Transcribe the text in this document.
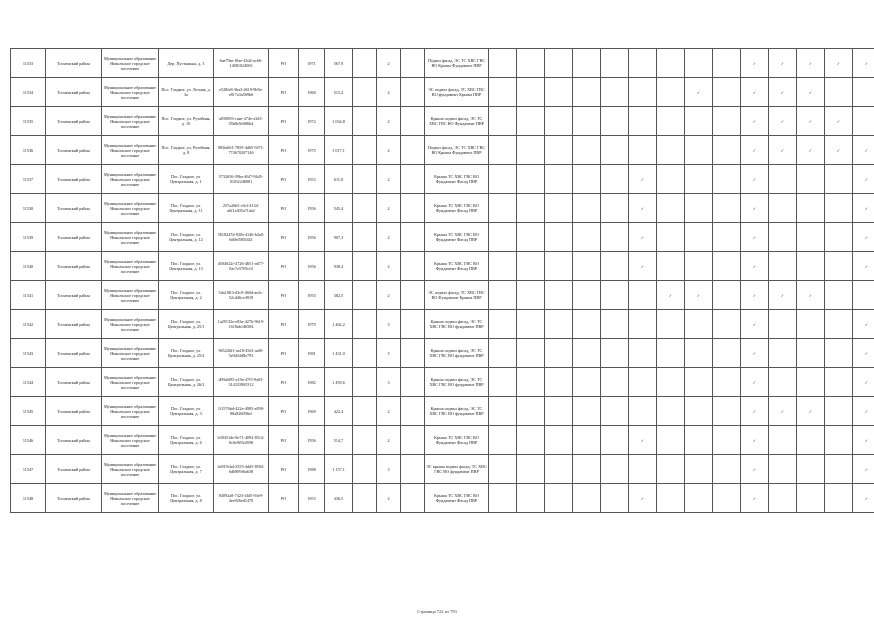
11533	Тосненский район	Муниципальное образование Никольское городское поселение	Дер. Пустынька, д. 3	6aa79ae-f9ae-43d2-ac66-14081024063	РО	1971	567,9		2		Подвал фасад, ЭС ТС ХВС ГВС ВО Крыша Фундамент ПВР										✓	✓	✓	✓	✓
11534	Тосненский район	Муниципальное образование Никольское городское поселение	Пос. Гладкое, ул. Лесная, д. 3а	e528fe8-3ba3-4619-9b9e-e817a3a569b6	РО	1960	515,2		2		ЭС подвал фасад, ТС ХВС ГВС ВО фундамент Крыша ПВР								✓		✓	✓	✓		
11535	Тосненский район	Муниципальное образование Никольское городское поселение	Пос. Гладкое, ул. Ручейная, д. 10	a050893-caae-474e-a3d3-05b8e9e686b4	РО	1972	1 034,8		2		Крыша подвал фасад, ЭС ТС ХВС ГВС ВО Фундамент ПВР										✓	✓	✓	✓	
11536	Тосненский район	Муниципальное образование Никольское городское поселение	Пос. Гладкое, ул. Ручейная, д. 8	983fa661-7859-4d65-9271-774670207146	РО	1975	1 017,1		2		Подвал фасад, ЭС ТС ХВС ГВС ВО Крыша Фундамент ПВР										✓	✓	✓	✓	✓
11537	Тосненский район	Муниципальное образование Никольское городское поселение	Пос. Гладкое, ул. Центральная, д. 1	5732656-59ba-46f7-94d5-01f02248081	РО	1953	611,8		2		Крыша ТС ХВС ГВС ВО Фундамент Фасад ПВР						✓				✓				✓
11538	Тосненский район	Муниципальное образование Никольское городское поселение	Пос. Гладкое, ул. Центральная, д. 11	257a26b5-c0cf-4134-a6f1a305a71ab2	РО	1956	545,4		2		Крыша ТС ХВС ГВС ВО Фундамент Фасад ПВР						✓				✓				✓
11539	Тосненский район	Муниципальное образование Никольское городское поселение	Пос. Гладкое, ул. Центральная, д. 12	5618247d-92fb-4146-b4a0-6d0ef585f441	РО	1956	907,3		2		Крыша ТС ХВС ГВС ВО Фундамент Фасад ПВР						✓				✓				✓
11540	Тосненский район	Муниципальное образование Никольское городское поселение	Пос. Гладкое, ул. Центральная, д. 13	d504022f-4726-4651-a677-0ac7e5705cf4	РО	1956	938,4		2		Крыша ТС ХВС ГВС ВО Фундамент Фасад ПВР						✓				✓				✓
11541	Тосненский район	Муниципальное образование Никольское городское поселение	Пос. Гладкое, ул. Центральная, д. 2	5da1f8f3-d3c9-460d-ae2c-52cd46ce4918	РО	1953	382,5		2		ЭС подвал фасад, ТС ХВС ГВС ВО Фундамент Крыша ПВР							✓	✓		✓	✓	✓		
11542	Тосненский район	Муниципальное образование Никольское городское поселение	Пос. Гладкое, ул. Центральная, д. 25/1	1a29132e-e83a-427b-9b19-1618ab1d6584	РО	1979	1 462,2		3		Крыша подвал фасад, ЭС ТС ХВС ГВС ВО фундамент ПВР										✓				✓
11543	Тосненский район	Муниципальное образование Никольское городское поселение	Пос. Гладкое, ул. Центральная, д. 25/2	965226f1-aa18-45d1-aa8f-5e0d34d8e793	РО	1981	1 431,0		3		Крыша подвал фасад, ЭС ТС ХВС ГВС ВО фундамент ПВР										✓				✓
11544	Тосненский район	Муниципальное образование Никольское городское поселение	Пос. Гладкое, ул. Центральная, д. 26/2	d09a6f93-a19a-47f5-9a03-314333965312	РО	1982	1 459,6		3		Крыша подвал фасад, ЭС ТС ХВС ГВС ВО фундамент ПВР										✓				✓
11545	Тосненский район	Муниципальное образование Никольское городское поселение	Пос. Гладкое, ул. Центральная, д. 3	1f1576bd-422e-4985-a958-88a826096ef	РО	1969	422,4		2		Крыша подвал фасад, ЭС ТС ХВС ГВС ВО фундамент ПВР										✓	✓	✓		✓
11546	Тосненский район	Муниципальное образование Никольское городское поселение	Пос. Гладкое, ул. Центральная, д. 6	b39451de-8e71-4092-8314-0c6e9f92d598	РО	1956	514,7		2		Крыша ТС ХВС ГВС ВО Фундамент Фасад ПВР						✓				✓				✓
11547	Тосненский район	Муниципальное образование Никольское городское поселение	Пос. Гладкое, ул. Центральная, д. 7	4e819cbd-2555-4dd5-8504-6db909f6a638	РО	1988	1 157,1		3		ЭС крыша подвал фасад, ТС ХВС ГВС ВО фундамент ПВР										✓				✓
11548	Тосненский район	Муниципальное образование Никольское городское поселение	Пос. Гладкое, ул. Центральная, д. 8	84092a8-7423-4fd5-93e9-4ee926ed1470	РО	1953	436,5		2		Крыша ТС ХВС ГВС ВО Фундамент Фасад ПВР						✓				✓				✓
Страница 722 из 793
